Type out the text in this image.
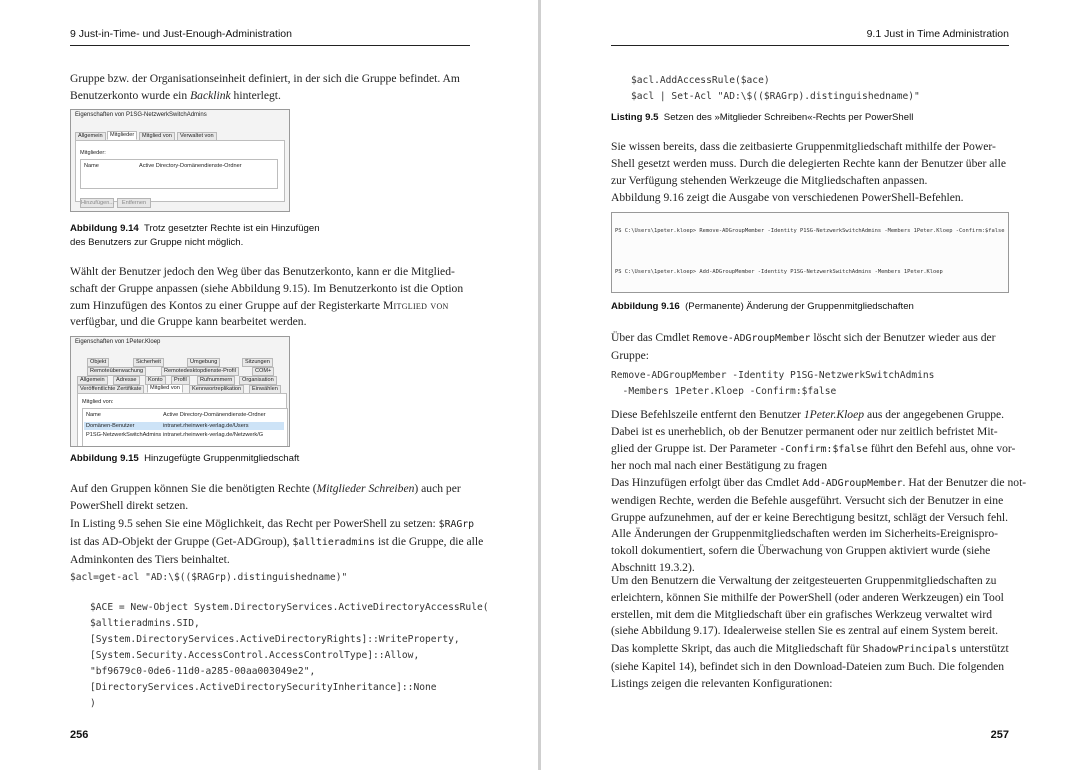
9 Just-in-Time- und Just-Enough-Administration

Gruppe bzw. der Organisationseinheit definiert, in der sich die Gruppe befindet. Am
Benutzerkonto wurde ein Backlink hinterlegt.

Eigenschaften von P1SG-NetzwerkSwitchAdmins
Allgemein	Mitglieder	Mitglied von	Verwaltet von
Mitglieder:
Name	Active Directory-Domänendienste-Ordner
Hinzufügen...	Entfernen

Abbildung 9.14 Trotz gesetzter Rechte ist ein Hinzufügen
des Benutzers zur Gruppe nicht möglich.

Wählt der Benutzer jedoch den Weg über das Benutzerkonto, kann er die Mitglied-
schaft der Gruppe anpassen (siehe Abbildung 9.15). Im Benutzerkonto ist die Option
zum Hinzufügen des Kontos zu einer Gruppe auf der Registerkarte Mitglied von
verfügbar, und die Gruppe kann bearbeitet werden.

Eigenschaften von 1Peter.Kloep
Objekt	Sicherheit	Umgebung	Sitzungen
Remoteüberwachung	Remotedesktopdienste-Profil	COM+
Allgemein	Adresse	Konto	Profil	Rufnummern	Organisation
Veröffentlichte Zertifikate	Mitglied von	Kennwortreplikation	Einwählen
Mitglied von:
Name	Active Directory-Domänendienste-Ordner
Domänen-Benutzer	intranet.rheinwerk-verlag.de/Users
P1SG-NetzwerkSwitchAdmins intranet.rheinwerk-verlag.de/Netzwerk/G

Abbildung 9.15 Hinzugefügte Gruppenmitgliedschaft

Auf den Gruppen können Sie die benötigten Rechte (Mitglieder Schreiben) auch per
PowerShell direkt setzen.

In Listing 9.5 sehen Sie eine Möglichkeit, das Recht per PowerShell zu setzen: $RAGrp
ist das AD-Objekt der Gruppe (Get-ADGroup), $alltieradmins ist die Gruppe, die alle
Adminkonten des Tiers beinhaltet.

$acl=get-acl "AD:\$(($RAGrp).distinguishedname)"
$ACE = New-Object System.DirectoryServices.ActiveDirectoryAccessRule(
$alltieradmins.SID,
[System.DirectoryServices.ActiveDirectoryRights]::WriteProperty,
[System.Security.AccessControl.AccessControlType]::Allow,
"bf9679c0-0de6-11d0-a285-00aa003049e2",
[DirectoryServices.ActiveDirectorySecurityInheritance]::None
)
256
9.1 Just in Time Administration
$acl.AddAccessRule($ace)
$acl | Set-Acl "AD:\$(($RAGrp).distinguishedname)"

Listing 9.5 Setzen des »Mitglieder Schreiben«-Rechts per PowerShell

Sie wissen bereits, dass die zeitbasierte Gruppenmitgliedschaft mithilfe der Power-
Shell gesetzt werden muss. Durch die delegierten Rechte kann der Benutzer über alle
zur Verfügung stehenden Werkzeuge die Mitgliedschaften anpassen.

Abbildung 9.16 zeigt die Ausgabe von verschiedenen PowerShell-Befehlen.

PS C:\Users\1peter.kloep> Remove-ADGroupMember -Identity P1SG-NetzwerkSwitchAdmins -Members 1Peter.Kloep -Confirm:$false

PS C:\Users\1peter.kloep> Add-ADGroupMember -Identity P1SG-NetzwerkSwitchAdmins -Members 1Peter.Kloep

Abbildung 9.16 (Permanente) Änderung der Gruppenmitgliedschaften

Über das Cmdlet Remove-ADGroupMember löscht sich der Benutzer wieder aus der
Gruppe:

Remove-ADGroupMember -Identity P1SG-NetzwerkSwitchAdmins
-Members 1Peter.Kloep -Confirm:$false

Diese Befehlszeile entfernt den Benutzer 1Peter.Kloep aus der angegebenen Gruppe.
Dabei ist es unerheblich, ob der Benutzer permanent oder nur zeitlich befristet Mit-
glied der Gruppe ist. Der Parameter -Confirm:$false führt den Befehl aus, ohne vor-
her noch mal nach einer Bestätigung zu fragen

Das Hinzufügen erfolgt über das Cmdlet Add-ADGroupMember. Hat der Benutzer die not-
wendigen Rechte, werden die Befehle ausgeführt. Versucht sich der Benutzer in eine
Gruppe aufzunehmen, auf der er keine Berechtigung besitzt, schlägt der Versuch fehl.
Alle Änderungen der Gruppenmitgliedschaften werden im Sicherheits-Ereignispro-
tokoll dokumentiert, sofern die Überwachung von Gruppen aktiviert wurde (siehe
Abschnitt 19.3.2).

Um den Benutzern die Verwaltung der zeitgesteuerten Gruppenmitgliedschaften zu
erleichtern, können Sie mithilfe der PowerShell (oder anderen Werkzeugen) ein Tool
erstellen, mit dem die Mitgliedschaft über ein grafisches Werkzeug verwaltet wird
(siehe Abbildung 9.17). Idealerweise stellen Sie es zentral auf einem System bereit.

Das komplette Skript, das auch die Mitgliedschaft für ShadowPrincipals unterstützt
(siehe Kapitel 14), befindet sich in den Download-Dateien zum Buch. Die folgenden
Listings zeigen die relevanten Konfigurationen:

257
